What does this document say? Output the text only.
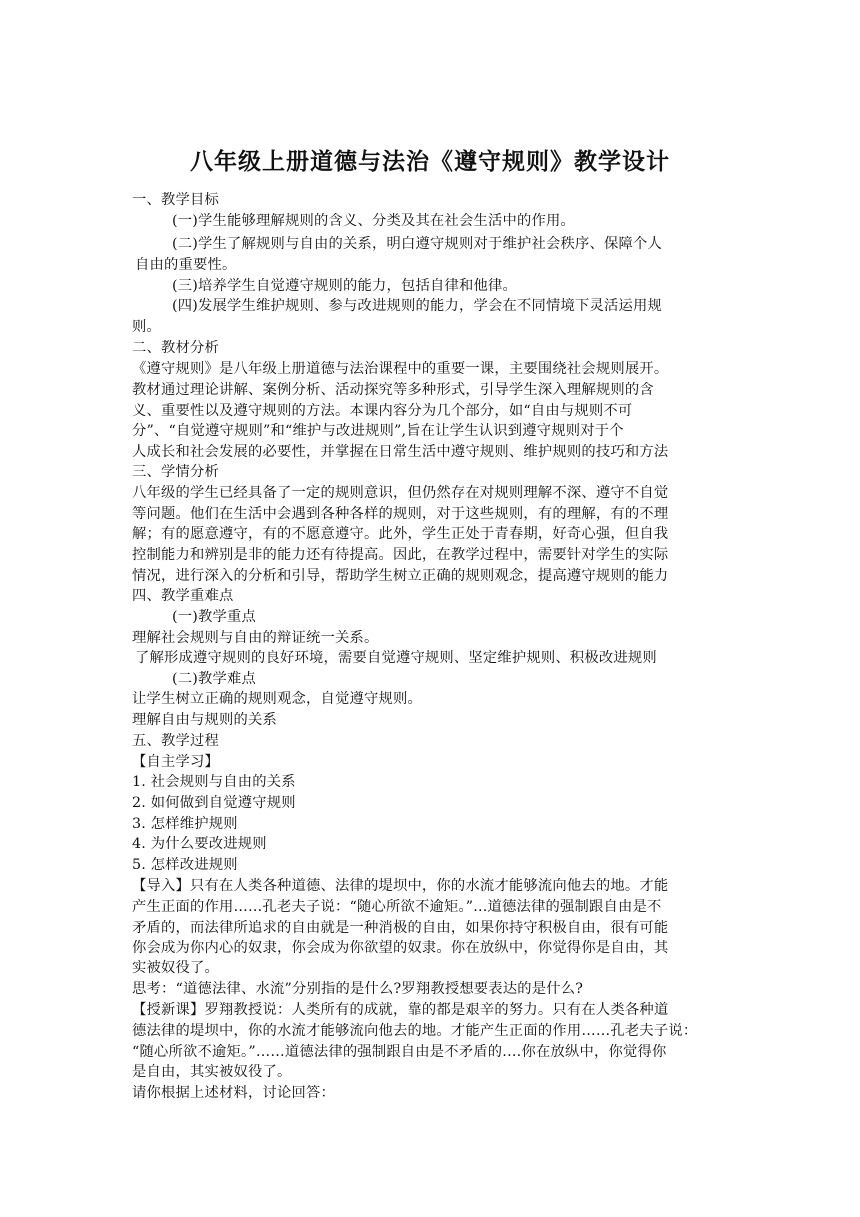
八年级上册道德与法治《遵守规则》教学设计
一、教学目标
(一)学生能够理解规则的含义、分类及其在社会生活中的作用。
(二)学生了解规则与自由的关系，明白遵守规则对于维护社会秩序、保障个人
自由的重要性。
(三)培养学生自觉遵守规则的能力，包括自律和他律。
(四)发展学生维护规则、参与改进规则的能力，学会在不同情境下灵活运用规
则。
二、教材分析
《遵守规则》是八年级上册道德与法治课程中的重要一课，主要围绕社会规则展开。
教材通过理论讲解、案例分析、活动探究等多种形式，引导学生深入理解规则的含
义、重要性以及遵守规则的方法。本课内容分为几个部分，如“自由与规则不可
分”、“自觉遵守规则”和“维护与改进规则”,旨在让学生认识到遵守规则对于个
人成长和社会发展的必要性，并掌握在日常生活中遵守规则、维护规则的技巧和方法
三、学情分析
八年级的学生已经具备了一定的规则意识，但仍然存在对规则理解不深、遵守不自觉
等问题。他们在生活中会遇到各种各样的规则，对于这些规则，有的理解，有的不理
解；有的愿意遵守，有的不愿意遵守。此外，学生正处于青春期，好奇心强，但自我
控制能力和辨别是非的能力还有待提高。因此，在教学过程中，需要针对学生的实际
情况，进行深入的分析和引导，帮助学生树立正确的规则观念，提高遵守规则的能力
四、教学重难点
(一)教学重点
理解社会规则与自由的辩证统一关系。
了解形成遵守规则的良好环境，需要自觉遵守规则、坚定维护规则、积极改进规则
(二)教学难点
让学生树立正确的规则观念，自觉遵守规则。
理解自由与规则的关系
五、教学过程
【自主学习】
1. 社会规则与自由的关系
2. 如何做到自觉遵守规则
3. 怎样维护规则
4. 为什么要改进规则
5. 怎样改进规则
【导入】只有在人类各种道德、法律的堤坝中，你的水流才能够流向他去的地。才能
产生正面的作用……孔老夫子说：“随心所欲不逾矩。”...道德法律的强制跟自由是不
矛盾的，而法律所追求的自由就是一种消极的自由，如果你持守积极自由，很有可能
你会成为你内心的奴隶，你会成为你欲望的奴隶。你在放纵中，你觉得你是自由，其
实被奴役了。
思考：“道德法律、水流”分别指的是什么?罗翔教授想要表达的是什么?
【授新课】罗翔教授说：人类所有的成就，靠的都是艰辛的努力。只有在人类各种道
德法律的堤坝中，你的水流才能够流向他去的地。才能产生正面的作用……孔老夫子说：
“随心所欲不逾矩。”……道德法律的强制跟自由是不矛盾的.…你在放纵中，你觉得你
是自由，其实被奴役了。
请你根据上述材料，讨论回答：
